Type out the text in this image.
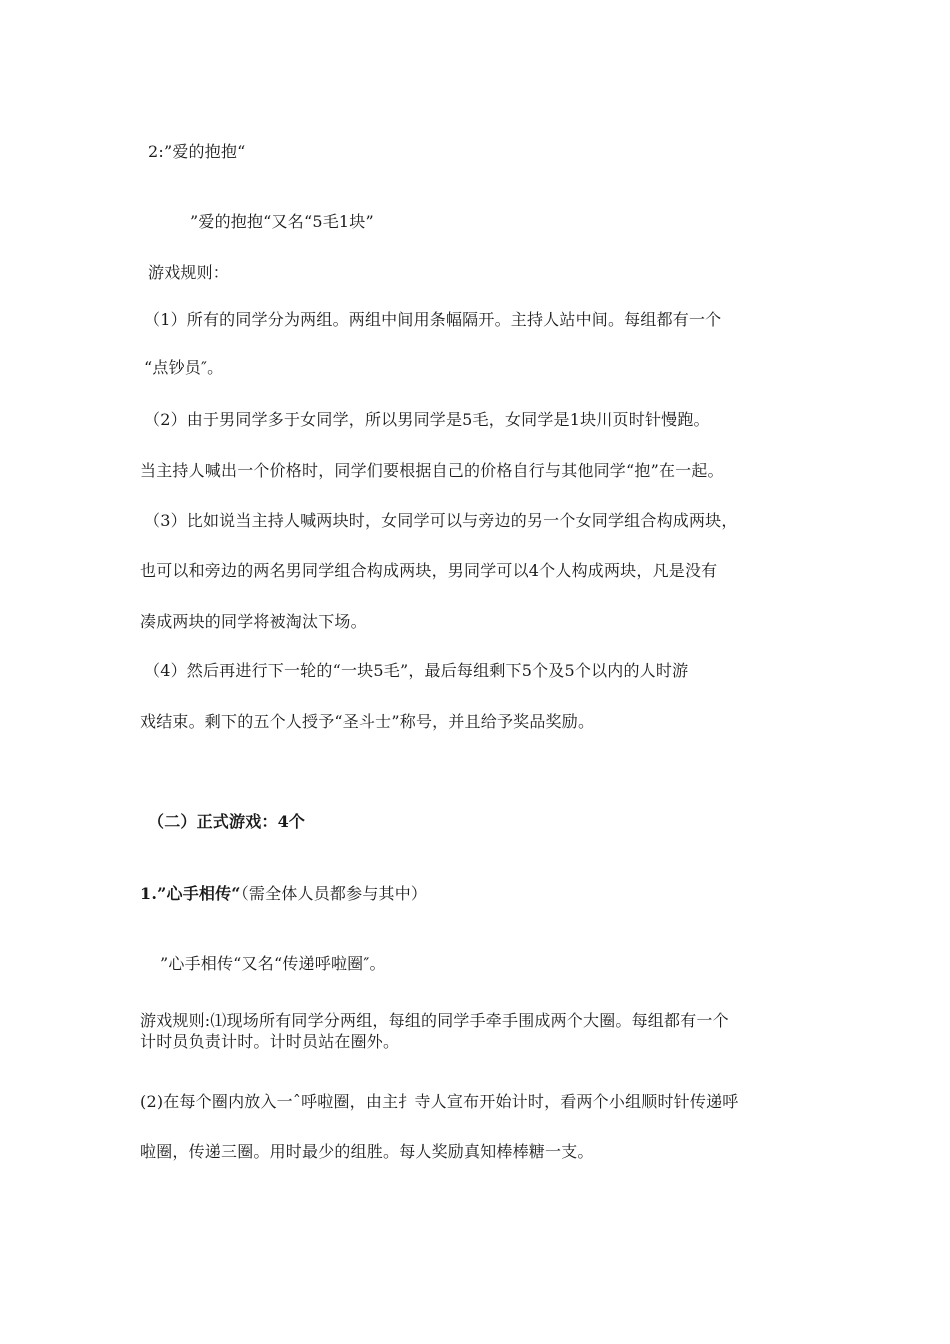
2:”爱的抱抱“
”爱的抱抱“又名“5毛1块”
游戏规则：
（1）所有的同学分为两组。两组中间用条幅隔开。主持人站中间。每组都有一个
“点钞员″。
（2）由于男同学多于女同学，所以男同学是5毛，女同学是1块川页时针慢跑。
当主持人喊出一个价格时，同学们要根据自己的价格自行与其他同学“抱”在一起。
（3）比如说当主持人喊两块时，女同学可以与旁边的另一个女同学组合构成两块，
也可以和旁边的两名男同学组合构成两块，男同学可以4个人构成两块，凡是没有
凑成两块的同学将被淘汰下场。
（4）然后再进行下一轮的“一块5毛”，最后每组剩下5个及5个以内的人时游
戏结束。剩下的五个人授予“圣斗士”称号，并且给予奖品奖励。
（二）正式游戏：4个
1.”心手相传“（需全体人员都参与其中）
”心手相传“又名“传递呼啦圈″。
游戏规则:⑴现场所有同学分两组，每组的同学手牵手围成两个大圈。每组都有一个
计时员负责计时。计时员站在圈外。
(2)在每个圈内放入一ˆ呼啦圈，由主扌寺人宣布开始计时，看两个小组顺时针传递呼
啦圈，传递三圈。用时最少的组胜。每人奖励真知棒棒糖一支。
